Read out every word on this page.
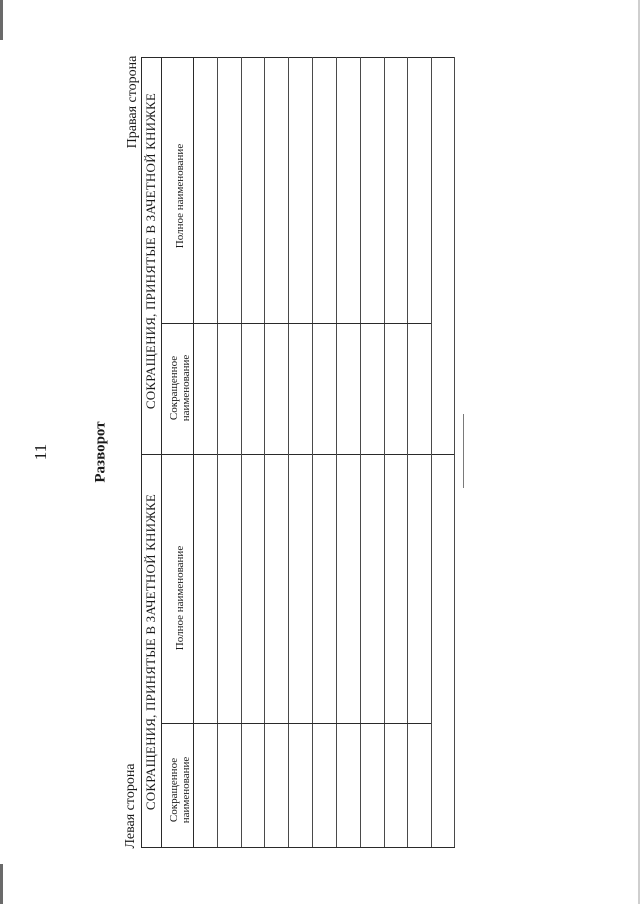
11	Разворот
Левая сторона
Правая сторона
СОКРАЩЕНИЯ, ПРИНЯТЫЕ В ЗАЧЕТНОЙ КНИЖКЕ Сокращенное наименование
Полное наименование
СОКРАЩЕНИЯ, ПРИНЯТЫЕ В ЗАЧЕТНОЙ КНИЖКЕ Сокращенное наименование
Полное наименование
